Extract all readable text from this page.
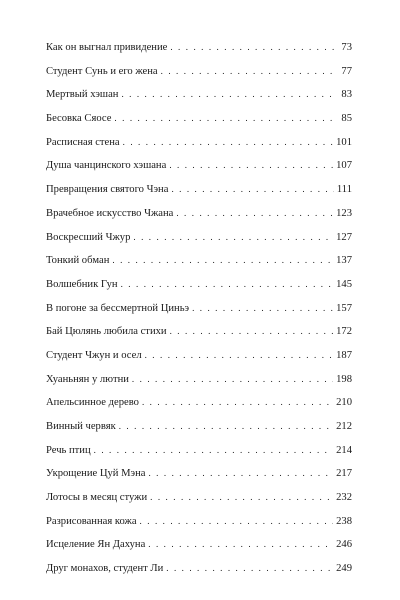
Как он выгнал привидение . . .	73
Студент Сунь и его жена . . .	77
Мертвый хэшан . . .	83
Бесовка Сяосе . . .	85
Расписная стена . . .	101
Душа чанцинского хэшана . . .	107
Превращения святого Чэна . . .	111
Врачебное искусство Чжана . . .	123
Воскресший Чжур . . .	127
Тонкий обман . . .	137
Волшебник Гун . . .	145
В погоне за бессмертной Циньэ . . .	157
Бай Цюлянь любила стихи . . .	172
Студент Чжун и осел . . .	187
Хуаньнян у лютни . . .	198
Апельсинное дерево . . .	210
Винный червяк . . .	212
Речь птиц . . .	214
Укрощение Цуй Мэна . . .	217
Лотосы в месяц стужи . . .	232
Разрисованная кожа . . .	238
Исцеление Ян Дахуна . . .	246
Друг монахов, студент Ли . . .	249
